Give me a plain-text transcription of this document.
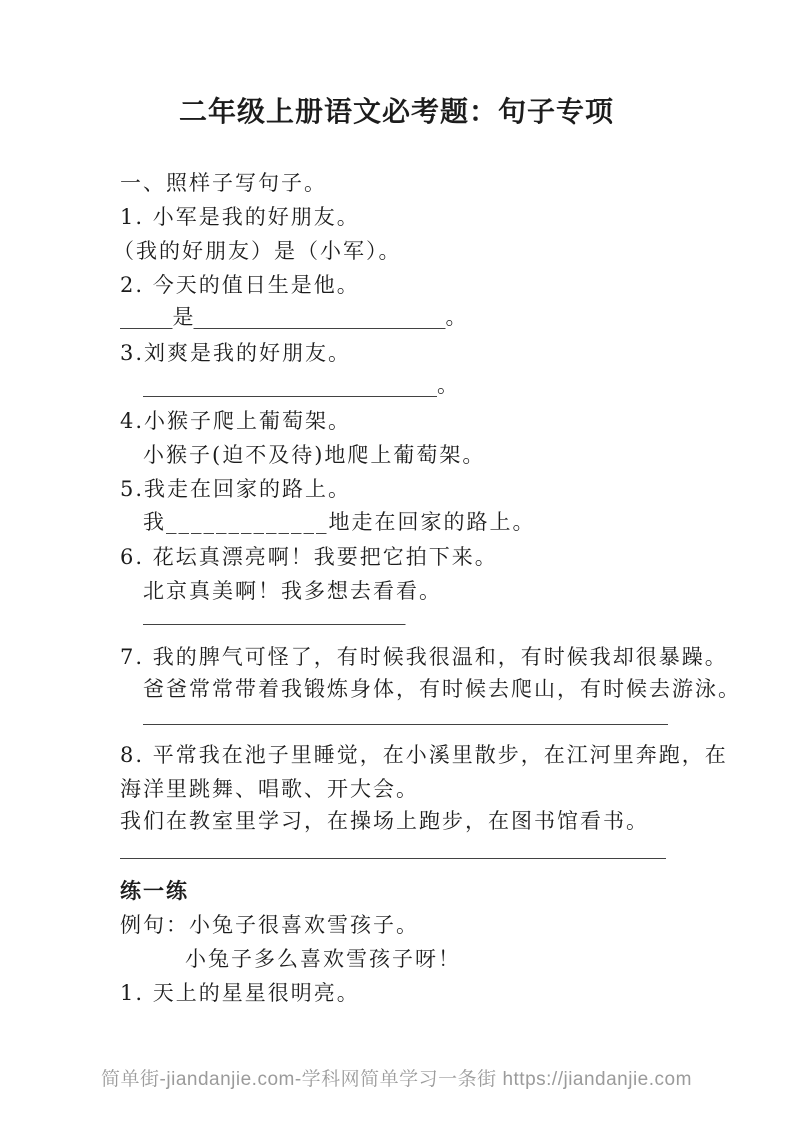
二年级上册语文必考题：句子专项
一、照样子写句子。
1. 小军是我的好朋友。
（我的好朋友）是（小军）。
2. 今天的值日生是他。
_____是________________________。
3.刘爽是我的好朋友。
____________________________。
4.小猴子爬上葡萄架。
小猴子(迫不及待)地爬上葡萄架。
5.我走在回家的路上。
我_____________地走在回家的路上。
6. 花坛真漂亮啊！我要把它拍下来。
北京真美啊！我多想去看看。
_________________________
7. 我的脾气可怪了，有时候我很温和，有时候我却很暴躁。
爸爸常常带着我锻炼身体，有时候去爬山，有时候去游泳。
__________________________________________________
8. 平常我在池子里睡觉，在小溪里散步，在江河里奔跑，在
海洋里跳舞、唱歌、开大会。
我们在教室里学习，在操场上跑步，在图书馆看书。
____________________________________________________
练一练
例句：小兔子很喜欢雪孩子。
小兔子多么喜欢雪孩子呀！
1. 天上的星星很明亮。
简单街-jiandanjie.com-学科网简单学习一条街 https://jiandanjie.com
